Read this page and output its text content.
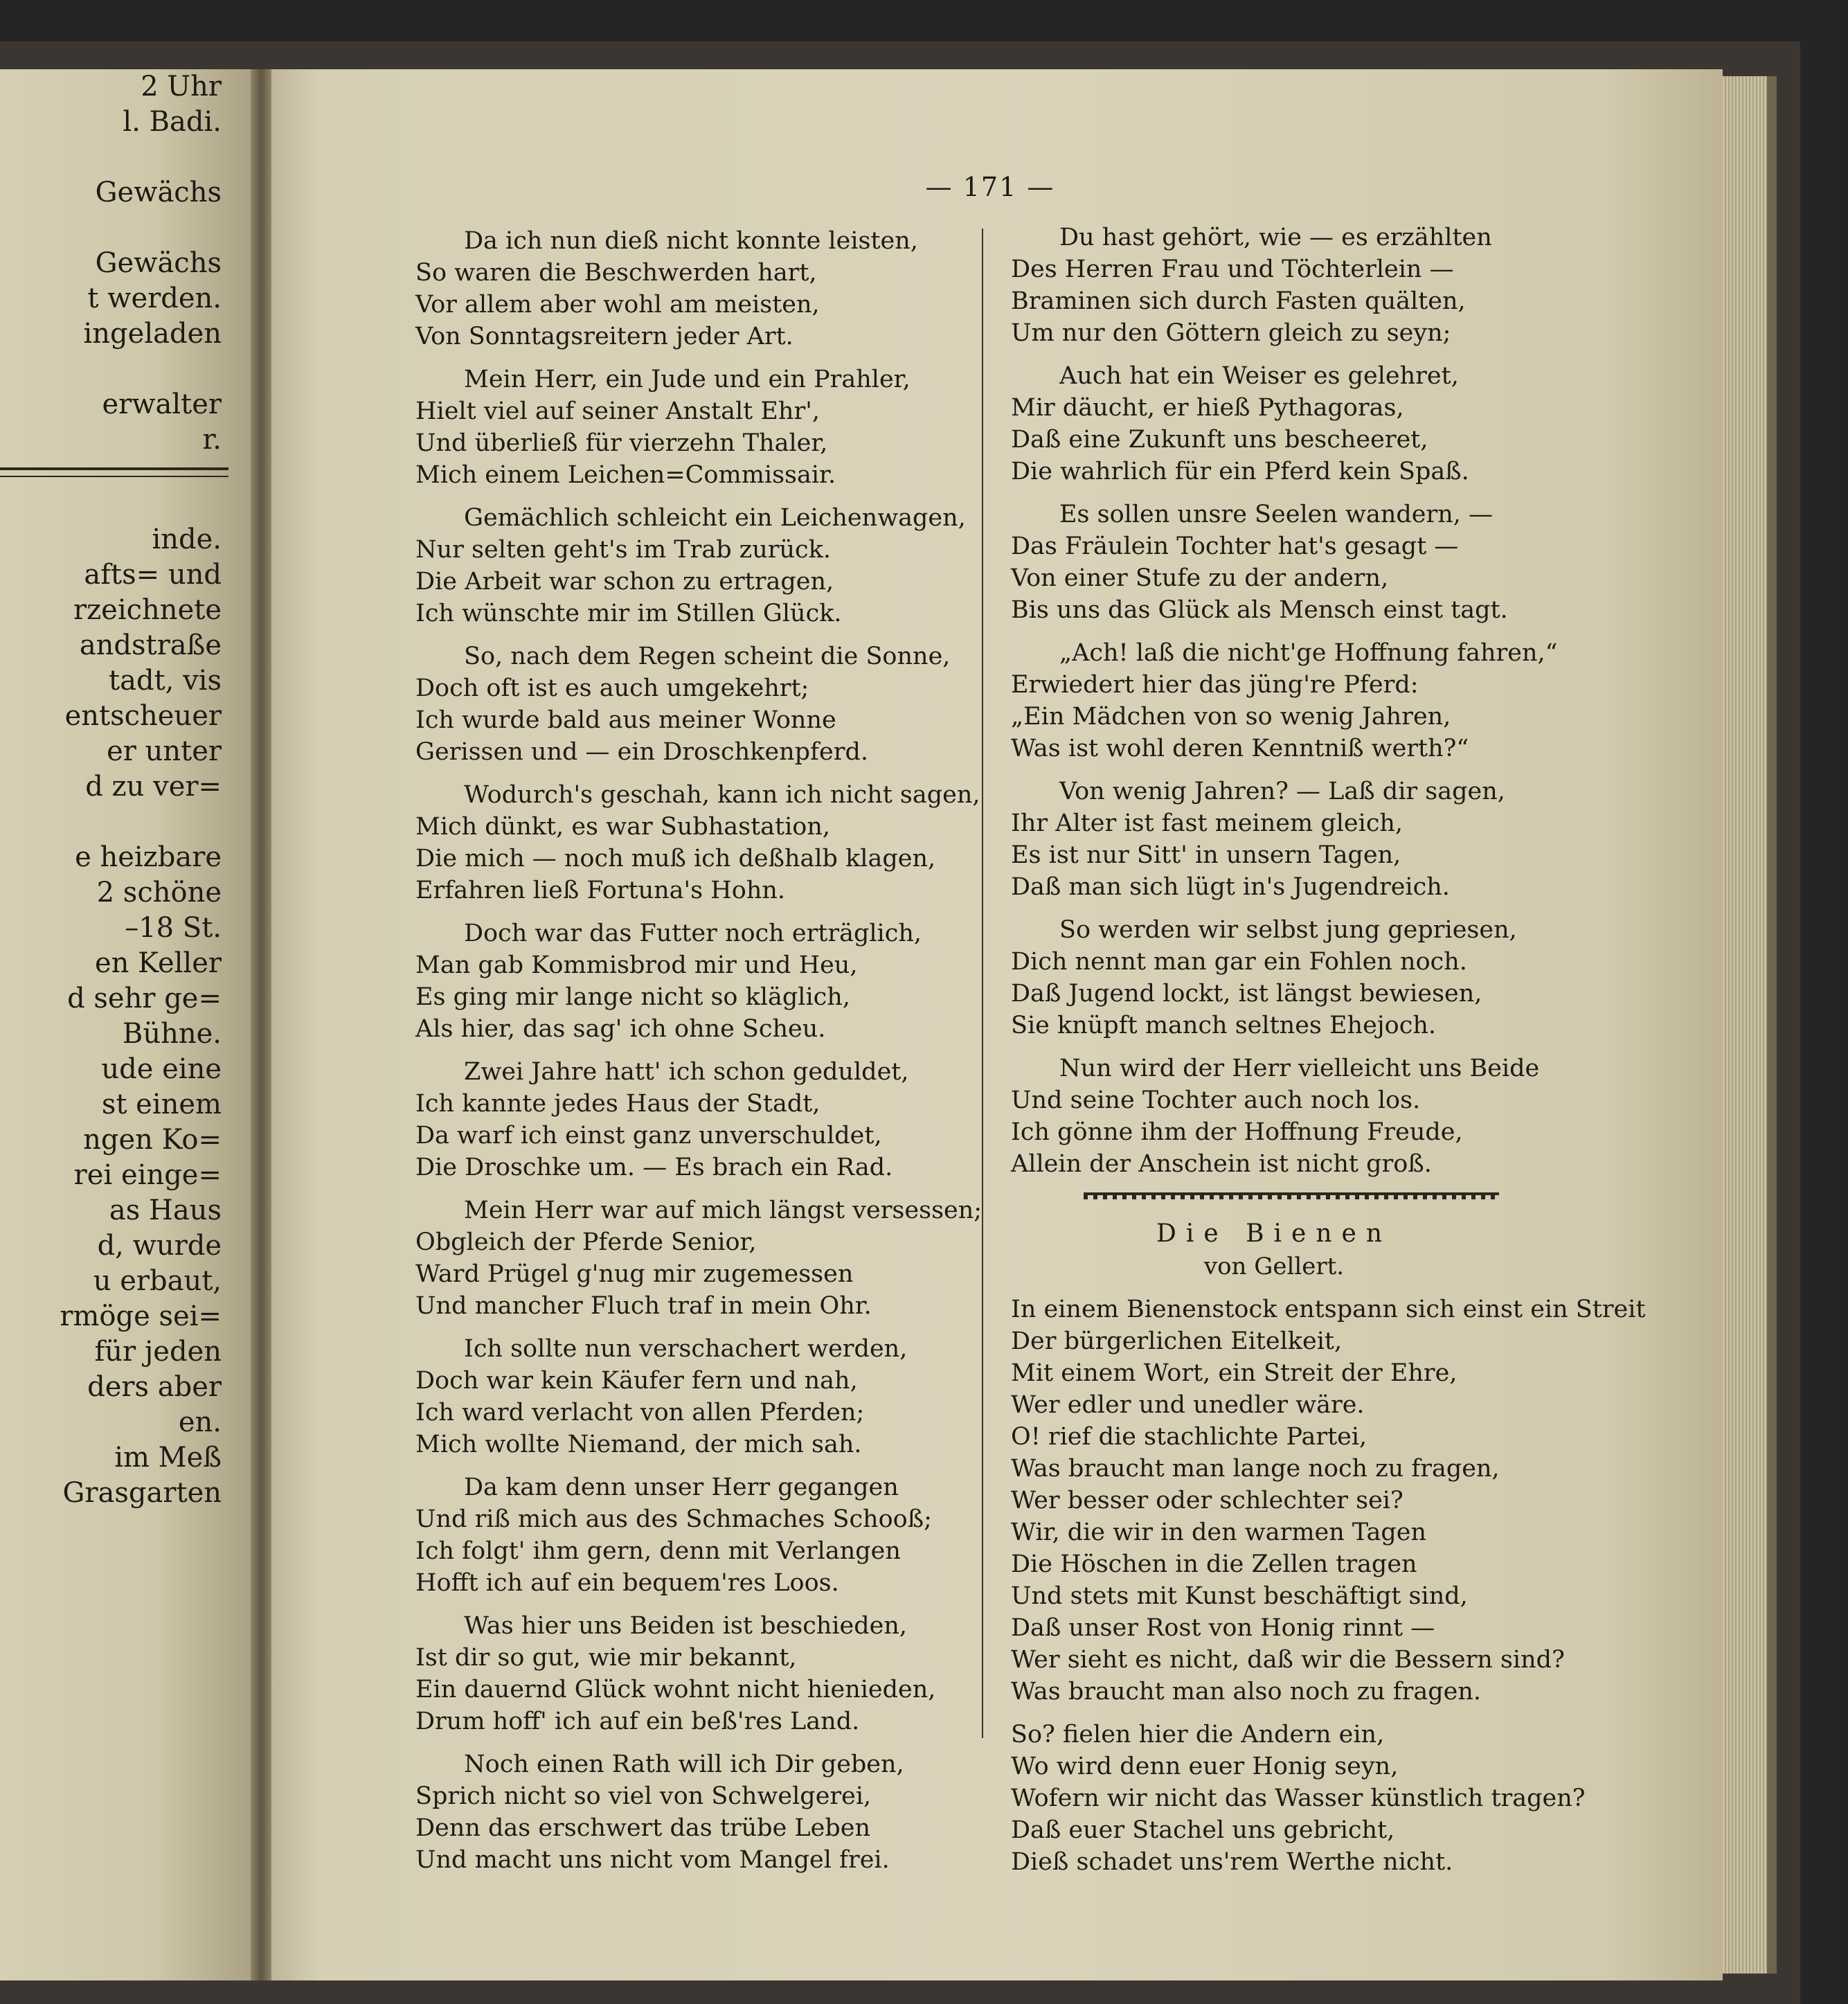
2 Uhr
l. Badi.
Gewächs
Gewächs
t werden.
ingeladen
erwalter
r.
inde.
afts= und
rzeichnete
andstraße
tadt, vis
entscheuer
er unter
d zu ver=
e heizbare
2 schöne
–18 St.
en Keller
d sehr ge=
Bühne.
ude eine
st einem
ngen Ko=
rei einge=
as Haus
d, wurde
u erbaut,
rmöge sei=
für jeden
ders aber
en.
im Meß
Grasgarten
— 171 —
Da ich nun dieß nicht konnte leisten,
So waren die Beschwerden hart,
Vor allem aber wohl am meisten,
Von Sonntagsreitern jeder Art.
Mein Herr, ein Jude und ein Prahler,
Hielt viel auf seiner Anstalt Ehr',
Und überließ für vierzehn Thaler,
Mich einem Leichen=Commissair.
Gemächlich schleicht ein Leichenwagen,
Nur selten geht's im Trab zurück.
Die Arbeit war schon zu ertragen,
Ich wünschte mir im Stillen Glück.
So, nach dem Regen scheint die Sonne,
Doch oft ist es auch umgekehrt;
Ich wurde bald aus meiner Wonne
Gerissen und — ein Droschkenpferd.
Wodurch's geschah, kann ich nicht sagen,
Mich dünkt, es war Subhastation,
Die mich — noch muß ich deßhalb klagen,
Erfahren ließ Fortuna's Hohn.
Doch war das Futter noch erträglich,
Man gab Kommisbrod mir und Heu,
Es ging mir lange nicht so kläglich,
Als hier, das sag' ich ohne Scheu.
Zwei Jahre hatt' ich schon geduldet,
Ich kannte jedes Haus der Stadt,
Da warf ich einst ganz unverschuldet,
Die Droschke um. — Es brach ein Rad.
Mein Herr war auf mich längst versessen;
Obgleich der Pferde Senior,
Ward Prügel g'nug mir zugemessen
Und mancher Fluch traf in mein Ohr.
Ich sollte nun verschachert werden,
Doch war kein Käufer fern und nah,
Ich ward verlacht von allen Pferden;
Mich wollte Niemand, der mich sah.
Da kam denn unser Herr gegangen
Und riß mich aus des Schmaches Schooß;
Ich folgt' ihm gern, denn mit Verlangen
Hofft ich auf ein bequem'res Loos.
Was hier uns Beiden ist beschieden,
Ist dir so gut, wie mir bekannt,
Ein dauernd Glück wohnt nicht hienieden,
Drum hoff' ich auf ein beß'res Land.
Noch einen Rath will ich Dir geben,
Sprich nicht so viel von Schwelgerei,
Denn das erschwert das trübe Leben
Und macht uns nicht vom Mangel frei.
Du hast gehört, wie — es erzählten
Des Herren Frau und Töchterlein —
Braminen sich durch Fasten quälten,
Um nur den Göttern gleich zu seyn;
Auch hat ein Weiser es gelehret,
Mir däucht, er hieß Pythagoras,
Daß eine Zukunft uns bescheeret,
Die wahrlich für ein Pferd kein Spaß.
Es sollen unsre Seelen wandern, —
Das Fräulein Tochter hat's gesagt —
Von einer Stufe zu der andern,
Bis uns das Glück als Mensch einst tagt.
„Ach! laß die nicht'ge Hoffnung fahren,“
Erwiedert hier das jüng're Pferd:
„Ein Mädchen von so wenig Jahren,
Was ist wohl deren Kenntniß werth?“
Von wenig Jahren? — Laß dir sagen,
Ihr Alter ist fast meinem gleich,
Es ist nur Sitt' in unsern Tagen,
Daß man sich lügt in's Jugendreich.
So werden wir selbst jung gepriesen,
Dich nennt man gar ein Fohlen noch.
Daß Jugend lockt, ist längst bewiesen,
Sie knüpft manch seltnes Ehejoch.
Nun wird der Herr vielleicht uns Beide
Und seine Tochter auch noch los.
Ich gönne ihm der Hoffnung Freude,
Allein der Anschein ist nicht groß.
Die Bienen
von Gellert.
In einem Bienenstock entspann sich einst ein Streit
Der bürgerlichen Eitelkeit,
Mit einem Wort, ein Streit der Ehre,
Wer edler und unedler wäre.
O! rief die stachlichte Partei,
Was braucht man lange noch zu fragen,
Wer besser oder schlechter sei?
Wir, die wir in den warmen Tagen
Die Höschen in die Zellen tragen
Und stets mit Kunst beschäftigt sind,
Daß unser Rost von Honig rinnt —
Wer sieht es nicht, daß wir die Bessern sind?
Was braucht man also noch zu fragen.
So? fielen hier die Andern ein,
Wo wird denn euer Honig seyn,
Wofern wir nicht das Wasser künstlich tragen?
Daß euer Stachel uns gebricht,
Dieß schadet uns'rem Werthe nicht.
